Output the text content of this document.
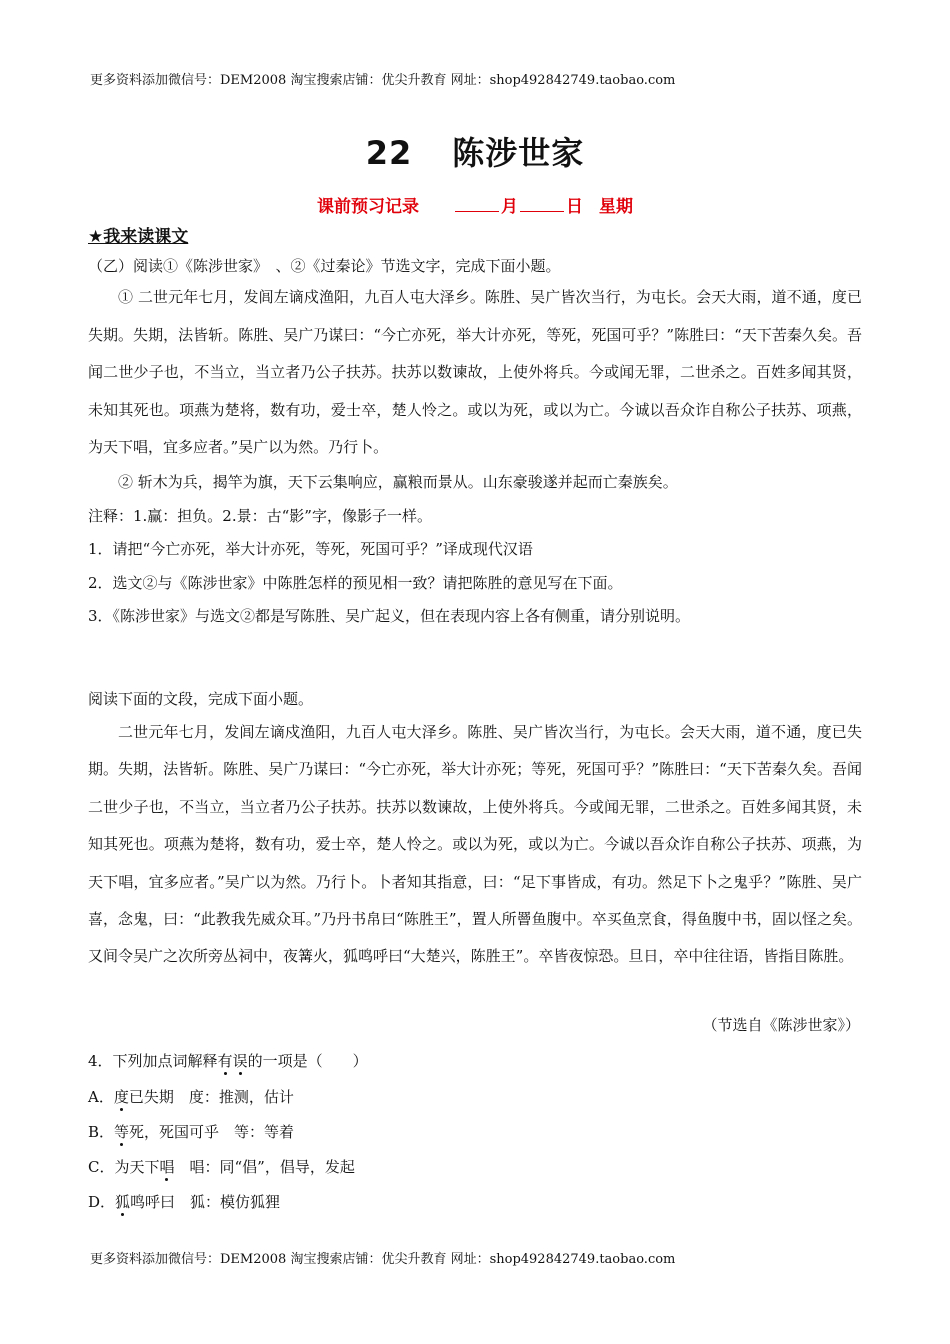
更多资料添加微信号：DEM2008 淘宝搜索店铺：优尖升教育 网址：shop492842749.taobao.com
22 陈涉世家
课前预习记录	月	日 星期
★我来读课文
（乙）阅读①《陈涉世家》　、②《过秦论》节选文字，完成下面小题。

① 二世元年七月，发闾左谪戍渔阳，九百人屯大泽乡。陈胜、吴广皆次当行，为屯长。会天大雨，道不通，度已失期。失期，法皆斩。陈胜、吴广乃谋曰：“今亡亦死，举大计亦死，等死，死国可乎？”陈胜曰：“天下苦秦久矣。吾闻二世少子也，不当立，当立者乃公子扶苏。扶苏以数谏故，上使外将兵。今或闻无罪，二世杀之。百姓多闻其贤，未知其死也。项燕为楚将，数有功，爱士卒，楚人怜之。或以为死，或以为亡。今诚以吾众诈自称公子扶苏、项燕，为天下唱，宜多应者。”吴广以为然。乃行卜。

② 斩木为兵，揭竿为旗，天下云集响应，赢粮而景从。山东豪骏遂并起而亡秦族矣。

注释：1.赢：担负。2.景：古“影”字，像影子一样。
1．请把“今亡亦死，举大计亦死，等死，死国可乎？”译成现代汉语
2．选文②与《陈涉世家》中陈胜怎样的预见相一致？请把陈胜的意见写在下面。
3．《陈涉世家》与选文②都是写陈胜、吴广起义，但在表现内容上各有侧重，请分别说明。
阅读下面的文段，完成下面小题。

二世元年七月，发闾左谪戍渔阳，九百人屯大泽乡。陈胜、吴广皆次当行，为屯长。会天大雨，道不通，度已失期。失期，法皆斩。陈胜、吴广乃谋曰：“今亡亦死，举大计亦死；等死，死国可乎？”陈胜曰：“天下苦秦久矣。吾闻二世少子也，不当立，当立者乃公子扶苏。扶苏以数谏故，上使外将兵。今或闻无罪，二世杀之。百姓多闻其贤，未知其死也。项燕为楚将，数有功，爱士卒，楚人怜之。或以为死，或以为亡。今诚以吾众诈自称公子扶苏、项燕，为天下唱，宜多应者。”吴广以为然。乃行卜。卜者知其指意，曰：“足下事皆成，有功。然足下卜之鬼乎？”陈胜、吴广喜，念鬼，曰：“此教我先威众耳。”乃丹书帛曰“陈胜王”，置人所罾鱼腹中。卒买鱼烹食，得鱼腹中书，固以怪之矣。又间令吴广之次所旁丛祠中，夜篝火，狐鸣呼曰“大楚兴，陈胜王”。卒皆夜惊恐。旦日，卒中往往语，皆指目陈胜。

（节选自《陈涉世家》）
4．下列加点词解释有误的一项是（　　）
A．度已失期　度：推测，估计
B．等死，死国可乎　等：等着
C．为天下唱　唱：同“倡”，倡导，发起
D．狐鸣呼曰　狐：模仿狐狸
更多资料添加微信号：DEM2008 淘宝搜索店铺：优尖升教育 网址：shop492842749.taobao.com
